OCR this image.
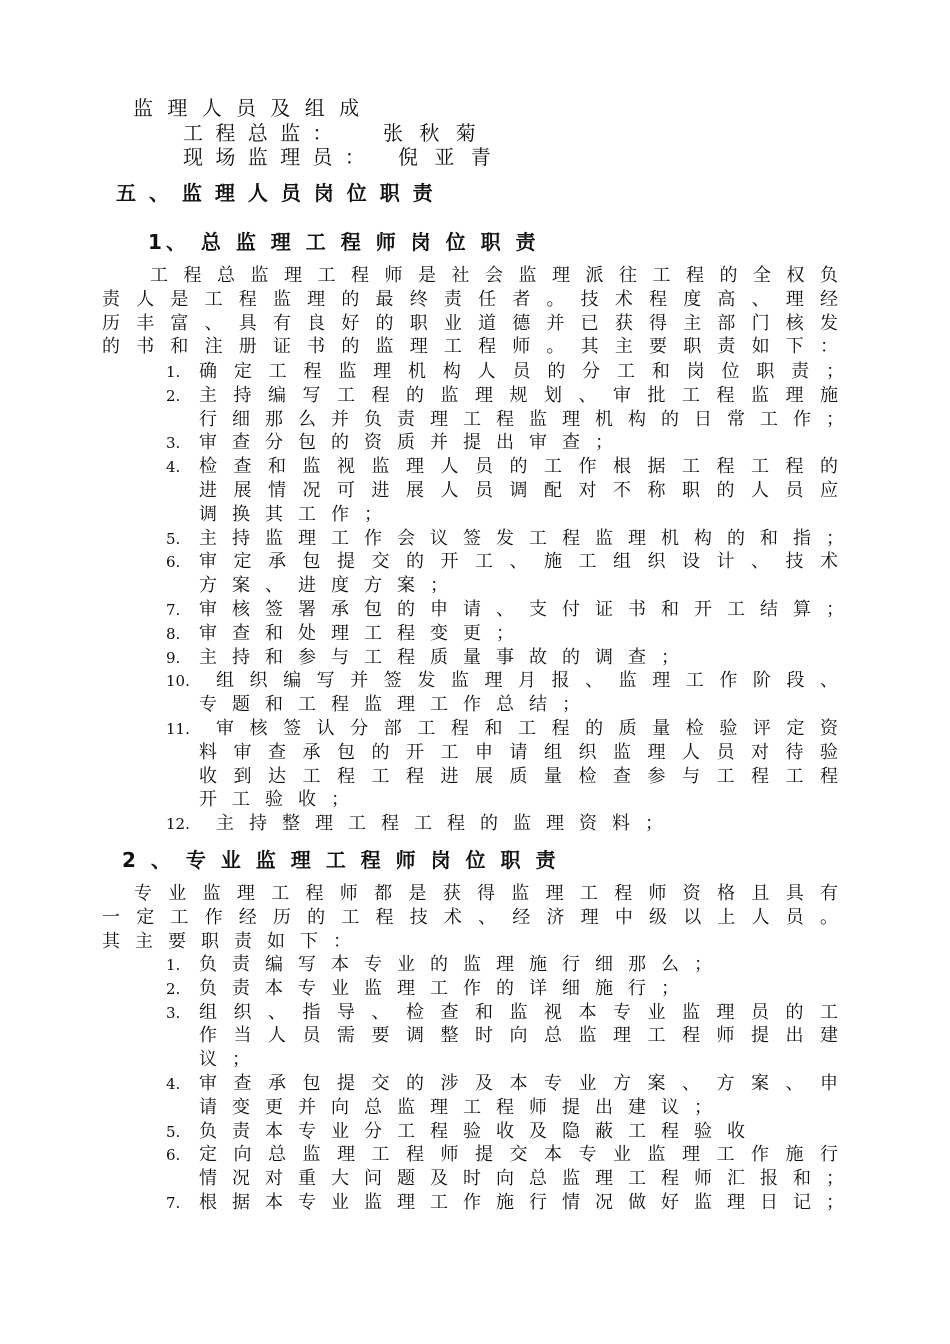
监 理 人 员 及 组 成
工 程 总 监 ： 张 秋 菊
现 场 监 理 员 ： 倪 亚 青
五 、 监 理 人 员 岗 位 职 责
1、 总 监 理 工 程 师 岗 位 职 责
工程总监理工程师是社会监理派往工程的全权负
责人是工程监理的最终责任者。技术程度高、理经
历丰富、具有良好的职业道德并已获得主部门核发
的书和注册证书的监理工程师。其主要职责如下：
1. 确定工程监理机构人员的分工和岗位职责；
2. 主持编写工程的监理规划、审批工程监理施
行细那么并负责理工程监理机构的日常工作；
3. 审查分包的资质并提出审查；
4. 检查和监视监理人员的工作根据工程工程的
进展情况可进展人员调配对不称职的人员应
调换其工作；
5. 主持监理工作会议签发工程监理机构的和指；
6. 审定承包提交的开工、施工组织设计、技术
方案、进度方案；
7. 审核签署承包的申请、支付证书和开工结算；
8. 审查和处理工程变更；
9. 主持和参与工程质量事故的调查；
10. 组织编写并签发监理月报、监理工作阶段、
专题和工程监理工作总结；
11. 审核签认分部工程和工程的质量检验评定资
料审查承包的开工申请组织监理人员对待验
收到达工程工程进展质量检查参与工程工程
开工验收；
12. 主持整理工程工程的监理资料；
2 、 专 业 监 理 工 程 师 岗 位 职 责
专业监理工程师都是获得监理工程师资格且具有
一定工作经历的工程技术、经济理中级以上人员。
其主要职责如下：
1. 负责编写本专业的监理施行细那么；
2. 负责本专业监理工作的详细施行；
3. 组织、指导、检查和监视本专业监理员的工
作当人员需要调整时向总监理工程师提出建
议；
4. 审查承包提交的涉及本专业方案、方案、申
请变更并向总监理工程师提出建议；
5. 负责本专业分工程验收及隐蔽工程验收
6. 定向总监理工程师提交本专业监理工作施行
情况对重大问题及时向总监理工程师汇报和；
7. 根据本专业监理工作施行情况做好监理日记；
